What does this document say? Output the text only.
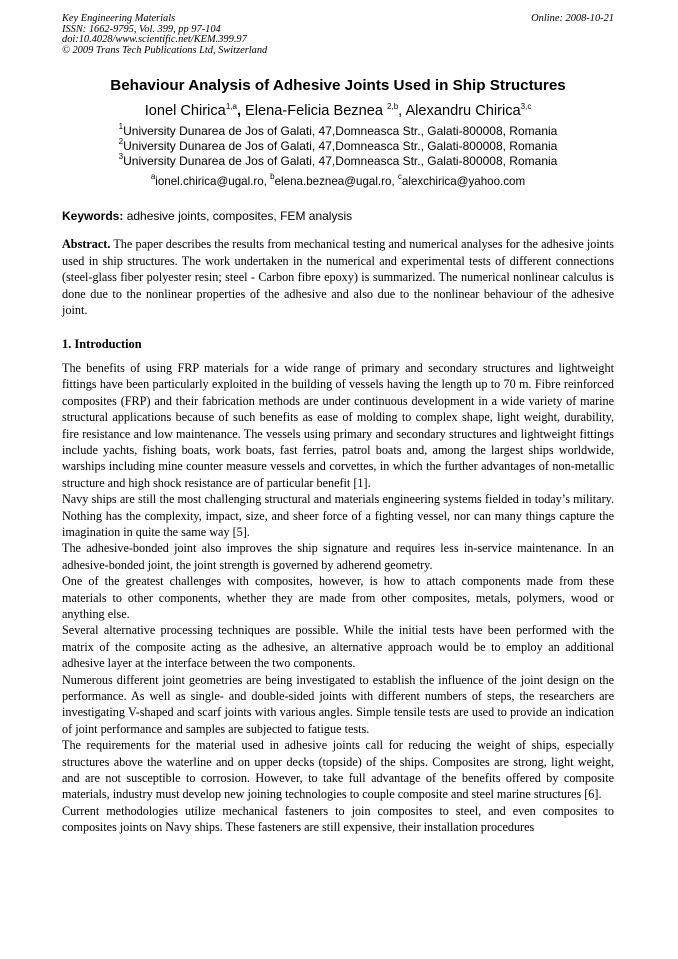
Key Engineering Materials
ISSN: 1662-9795, Vol. 399, pp 97-104
doi:10.4028/www.scientific.net/KEM.399.97
© 2009 Trans Tech Publications Ltd, Switzerland
Online: 2008-10-21
Behaviour Analysis of Adhesive Joints Used in Ship Structures
Ionel Chirica$^{1,a}$, Elena-Felicia Beznea $^{2,b}$, Alexandru Chirica$^{3,c}$
$^1$University Dunarea de Jos of Galati, 47,Domneasca Str., Galati-800008, Romania
$^2$University Dunarea de Jos of Galati, 47,Domneasca Str., Galati-800008, Romania
$^3$University Dunarea de Jos of Galati, 47,Domneasca Str., Galati-800008, Romania
$^a$ionel.chirica@ugal.ro, $^b$elena.beznea@ugal.ro, $^c$alexchirica@yahoo.com
Keywords: adhesive joints, composites, FEM analysis
Abstract. The paper describes the results from mechanical testing and numerical analyses for the adhesive joints used in ship structures. The work undertaken in the numerical and experimental tests of different connections (steel-glass fiber polyester resin; steel - Carbon fibre epoxy) is summarized. The numerical nonlinear calculus is done due to the nonlinear properties of the adhesive and also due to the nonlinear behaviour of the adhesive joint.
1. Introduction

The benefits of using FRP materials for a wide range of primary and secondary structures and lightweight fittings have been particularly exploited in the building of vessels having the length up to 70 m. Fibre reinforced composites (FRP) and their fabrication methods are under continuous development in a wide variety of marine structural applications because of such benefits as ease of molding to complex shape, light weight, durability, fire resistance and low maintenance. The vessels using primary and secondary structures and lightweight fittings include yachts, fishing boats, work boats, fast ferries, patrol boats and, among the largest ships worldwide, warships including mine counter measure vessels and corvettes, in which the further advantages of non-metallic structure and high shock resistance are of particular benefit [1].

Navy ships are still the most challenging structural and materials engineering systems fielded in today’s military. Nothing has the complexity, impact, size, and sheer force of a fighting vessel, nor can many things capture the imagination in quite the same way [5].

The adhesive-bonded joint also improves the ship signature and requires less in-service maintenance. In an adhesive-bonded joint, the joint strength is governed by adherend geometry.

One of the greatest challenges with composites, however, is how to attach components made from these materials to other components, whether they are made from other composites, metals, polymers, wood or anything else.

Several alternative processing techniques are possible. While the initial tests have been performed with the matrix of the composite acting as the adhesive, an alternative approach would be to employ an additional adhesive layer at the interface between the two components.

Numerous different joint geometries are being investigated to establish the influence of the joint design on the performance. As well as single- and double-sided joints with different numbers of steps, the researchers are investigating V-shaped and scarf joints with various angles. Simple tensile tests are used to provide an indication of joint performance and samples are subjected to fatigue tests.

The requirements for the material used in adhesive joints call for reducing the weight of ships, especially structures above the waterline and on upper decks (topside) of the ships. Composites are strong, light weight, and are not susceptible to corrosion. However, to take full advantage of the benefits offered by composite materials, industry must develop new joining technologies to couple composite and steel marine structures [6].

Current methodologies utilize mechanical fasteners to join composites to steel, and even composites to composites joints on Navy ships. These fasteners are still expensive, their installation procedures
